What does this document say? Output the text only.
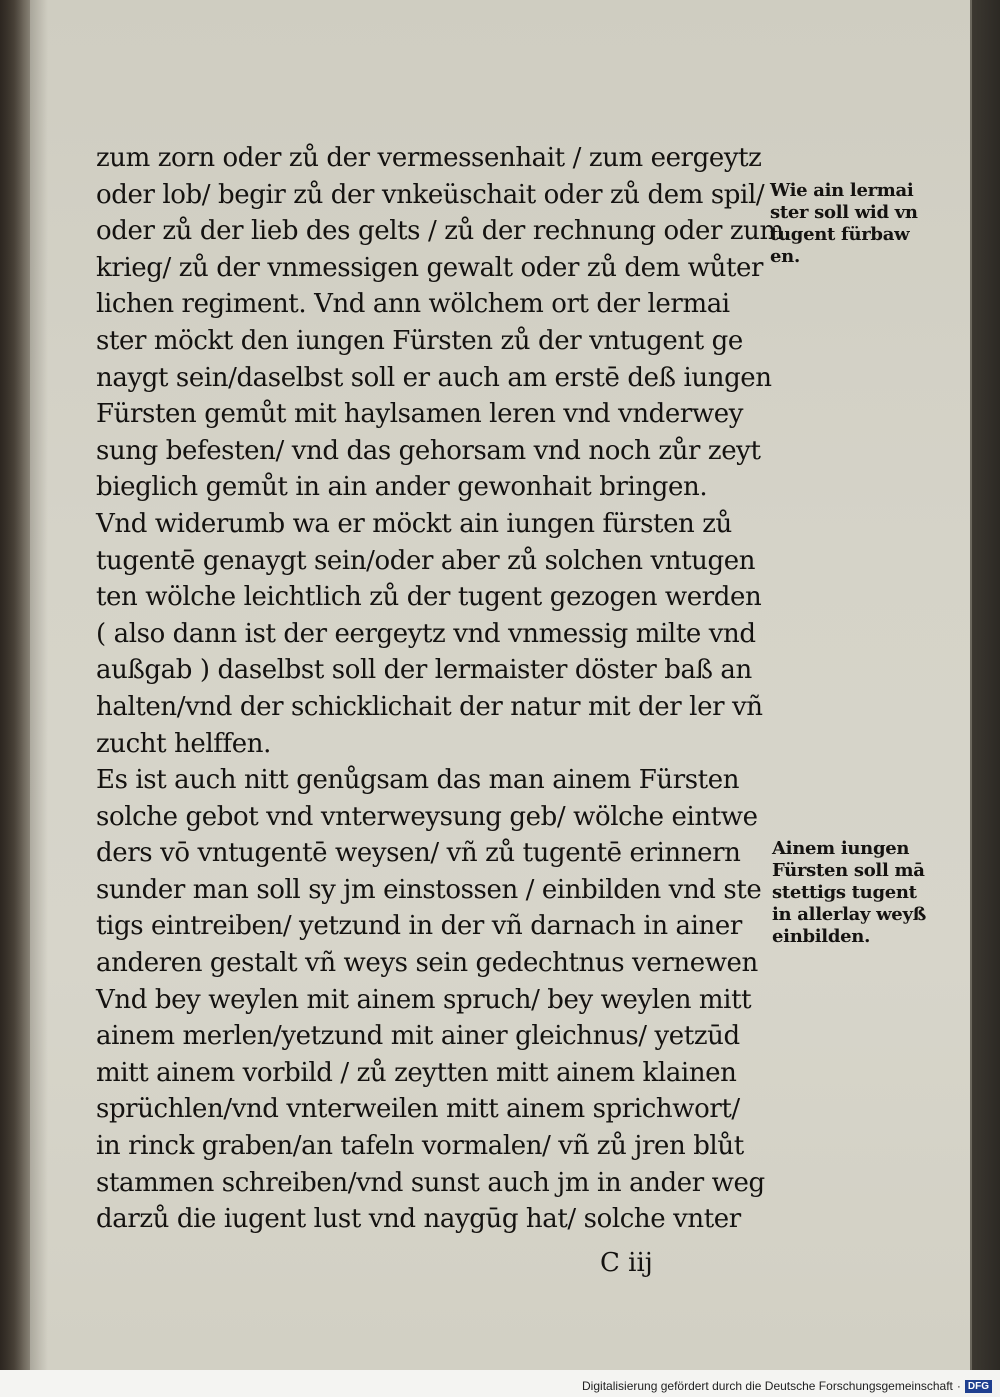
zum zorn oder zů der vermessenhait / zum eergeytz
oder lob/ begir zů der vnkeüschait oder zů dem spil/
oder zů der lieb des gelts / zů der rechnung oder zum
krieg/ zů der vnmessigen gewalt oder zů dem wůter
lichen regiment. Vnd ann wölchem ort der lermai
ster möckt den iungen Fürsten zů der vntugent ge
naygt sein/daselbst soll er auch am erstē deß iungen
Fürsten gemůt mit haylsamen leren vnd vnderwey
sung befesten/ vnd das gehorsam vnd noch zůr zeyt
bieglich gemůt in ain ander gewonhait bringen.
Vnd widerumb wa er möckt ain iungen fürsten zů
tugentē genaygt sein/oder aber zů solchen vntugen
ten wölche leichtlich zů der tugent gezogen werden
( also dann ist der eergeytz vnd vnmessig milte vnd
außgab ) daselbst soll der lermaister döster baß an
halten/vnd der schicklichait der natur mit der ler vñ
zucht helffen.
Es ist auch nitt genůgsam das man ainem Fürsten
solche gebot vnd vnterweysung geb/ wölche eintwe
ders vō vntugentē weysen/ vñ zů tugentē erinnern
sunder man soll sy jm einstossen / einbilden vnd ste
tigs eintreiben/ yetzund in der vñ darnach in ainer
anderen gestalt vñ weys sein gedechtnus vernewen
Vnd bey weylen mit ainem spruch/ bey weylen mitt
ainem merlen/yetzund mit ainer gleichnus/ yetzūd
mitt ainem vorbild / zů zeytten mitt ainem klainen
sprüchlen/vnd vnterweilen mitt ainem sprichwort/
in rinck graben/an tafeln vormalen/ vñ zů jren blůt
stammen schreiben/vnd sunst auch jm in ander weg
darzů die iugent lust vnd naygūg hat/ solche vnter
Wie ain lermai
ster soll wid vn
tugent fürbaw
en.
Ainem iungen
Fürsten soll mā
stettigs tugent
in allerlay weyß
einbilden.
C iij
Digitalisierung gefördert durch die Deutsche Forschungsgemeinschaft · DFG
